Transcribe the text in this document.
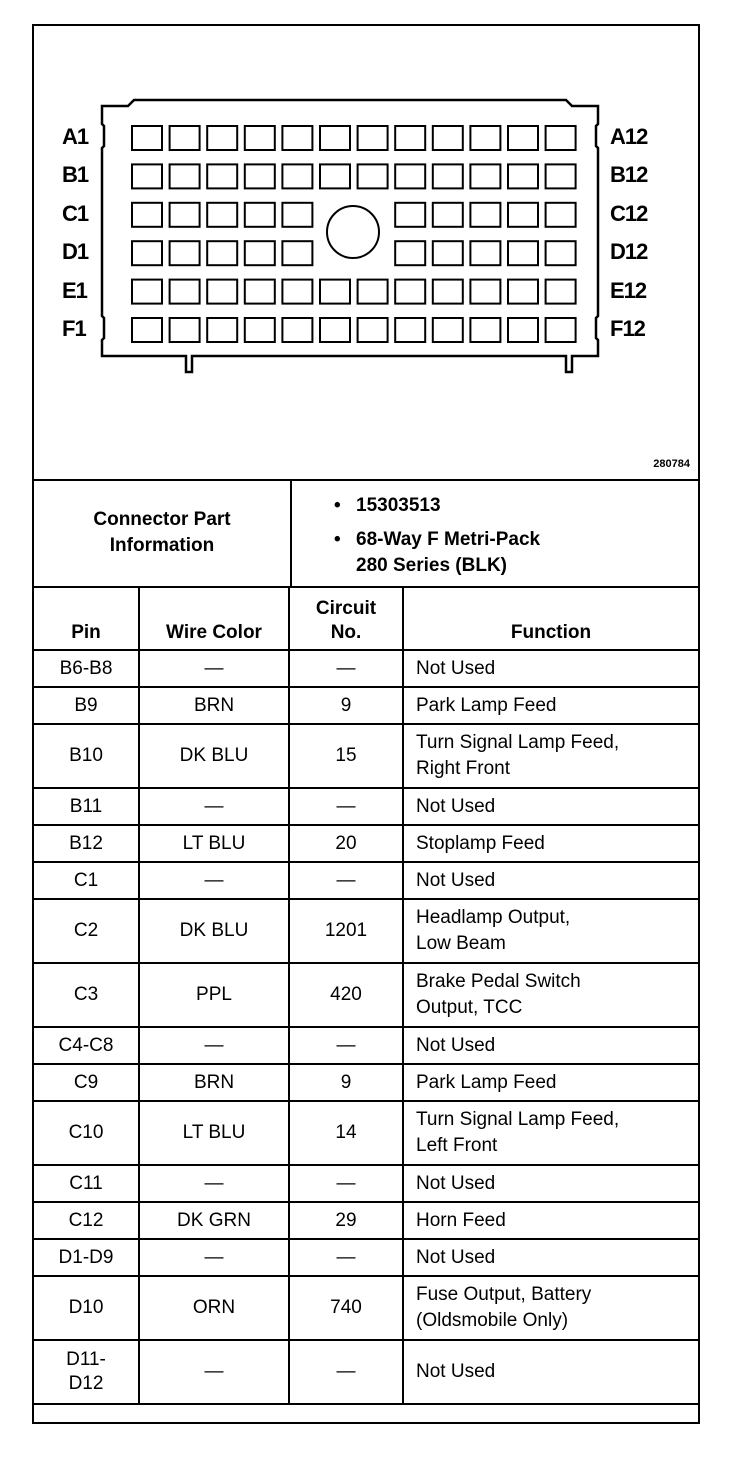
280784
A1
B1
C1
D1
E1
F1
A12
B12
C12
D12
E12
F12
Connector Part
Information
• 15303513
• 68-Way F Metri-Pack
280 Series (BLK)
Pin	Wire Color	Circuit
No.	Function
B6-B8	—	—	Not Used

B9	BRN	9	Park Lamp Feed

B10	DK BLU	15	Turn Signal Lamp Feed,
Right Front

B11	—	—	Not Used

B12	LT BLU	20	Stoplamp Feed

C1	—	—	Not Used

C2	DK BLU	1201	Headlamp Output,
Low Beam

C3	PPL	420	Brake Pedal Switch
Output, TCC

C4-C8	—	—	Not Used

C9	BRN	9	Park Lamp Feed

C10	LT BLU	14	Turn Signal Lamp Feed,
Left Front

C11	—	—	Not Used

C12	DK GRN	29	Horn Feed

D1-D9	—	—	Not Used

D10	ORN	740	Fuse Output, Battery
(Oldsmobile Only)

D11-
D12	—	—	Not Used
